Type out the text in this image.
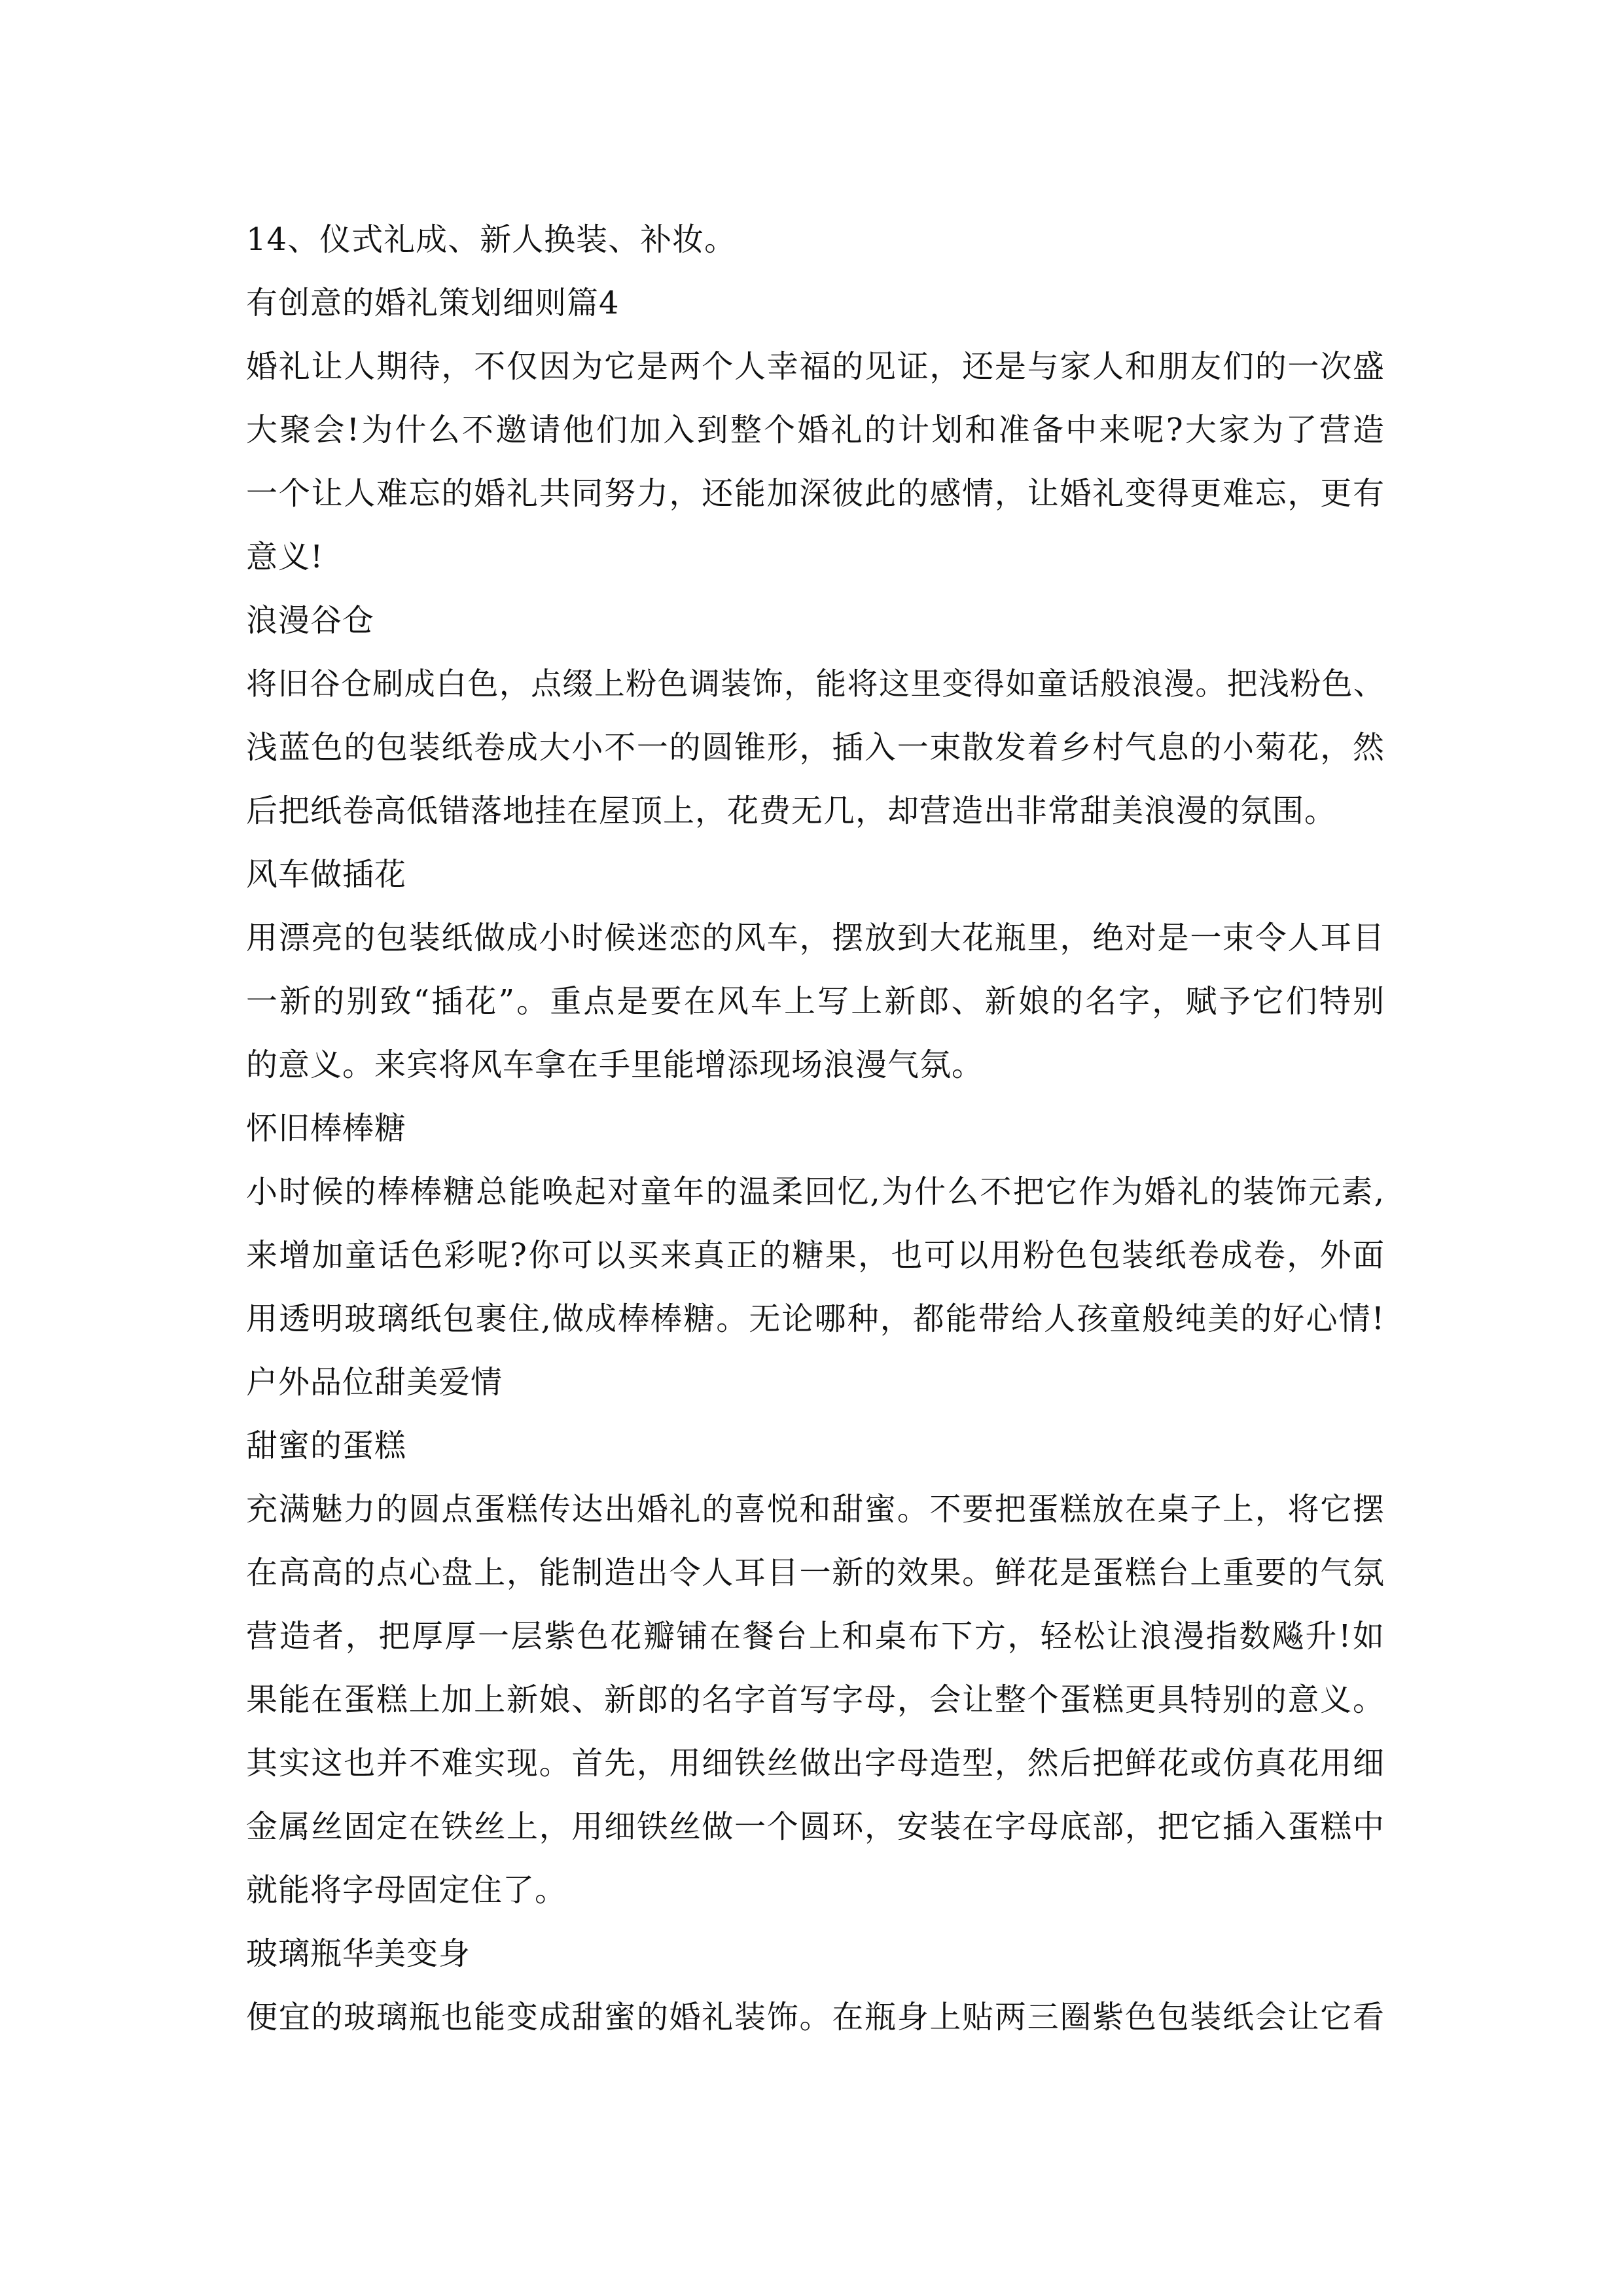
14、仪式礼成、新人换装、补妆。
有创意的婚礼策划细则篇4
婚礼让人期待，不仅因为它是两个人幸福的见证，还是与家人和朋友们的一次盛
大聚会!为什么不邀请他们加入到整个婚礼的计划和准备中来呢?大家为了营造
一个让人难忘的婚礼共同努力，还能加深彼此的感情，让婚礼变得更难忘，更有
意义!
浪漫谷仓
将旧谷仓刷成白色，点缀上粉色调装饰，能将这里变得如童话般浪漫。把浅粉色、
浅蓝色的包装纸卷成大小不一的圆锥形，插入一束散发着乡村气息的小菊花，然
后把纸卷高低错落地挂在屋顶上，花费无几，却营造出非常甜美浪漫的氛围。
风车做插花
用漂亮的包装纸做成小时候迷恋的风车，摆放到大花瓶里，绝对是一束令人耳目
一新的别致“插花”。重点是要在风车上写上新郎、新娘的名字，赋予它们特别
的意义。来宾将风车拿在手里能增添现场浪漫气氛。
怀旧棒棒糖
小时候的棒棒糖总能唤起对童年的温柔回忆,为什么不把它作为婚礼的装饰元素,
来增加童话色彩呢?你可以买来真正的糖果，也可以用粉色包装纸卷成卷，外面
用透明玻璃纸包裹住,做成棒棒糖。无论哪种，都能带给人孩童般纯美的好心情!
户外品位甜美爱情
甜蜜的蛋糕
充满魅力的圆点蛋糕传达出婚礼的喜悦和甜蜜。不要把蛋糕放在桌子上，将它摆
在高高的点心盘上，能制造出令人耳目一新的效果。鲜花是蛋糕台上重要的气氛
营造者，把厚厚一层紫色花瓣铺在餐台上和桌布下方，轻松让浪漫指数飚升!如
果能在蛋糕上加上新娘、新郎的名字首写字母，会让整个蛋糕更具特别的意义。
其实这也并不难实现。首先，用细铁丝做出字母造型，然后把鲜花或仿真花用细
金属丝固定在铁丝上，用细铁丝做一个圆环，安装在字母底部，把它插入蛋糕中
就能将字母固定住了。
玻璃瓶华美变身
便宜的玻璃瓶也能变成甜蜜的婚礼装饰。在瓶身上贴两三圈紫色包装纸会让它看
